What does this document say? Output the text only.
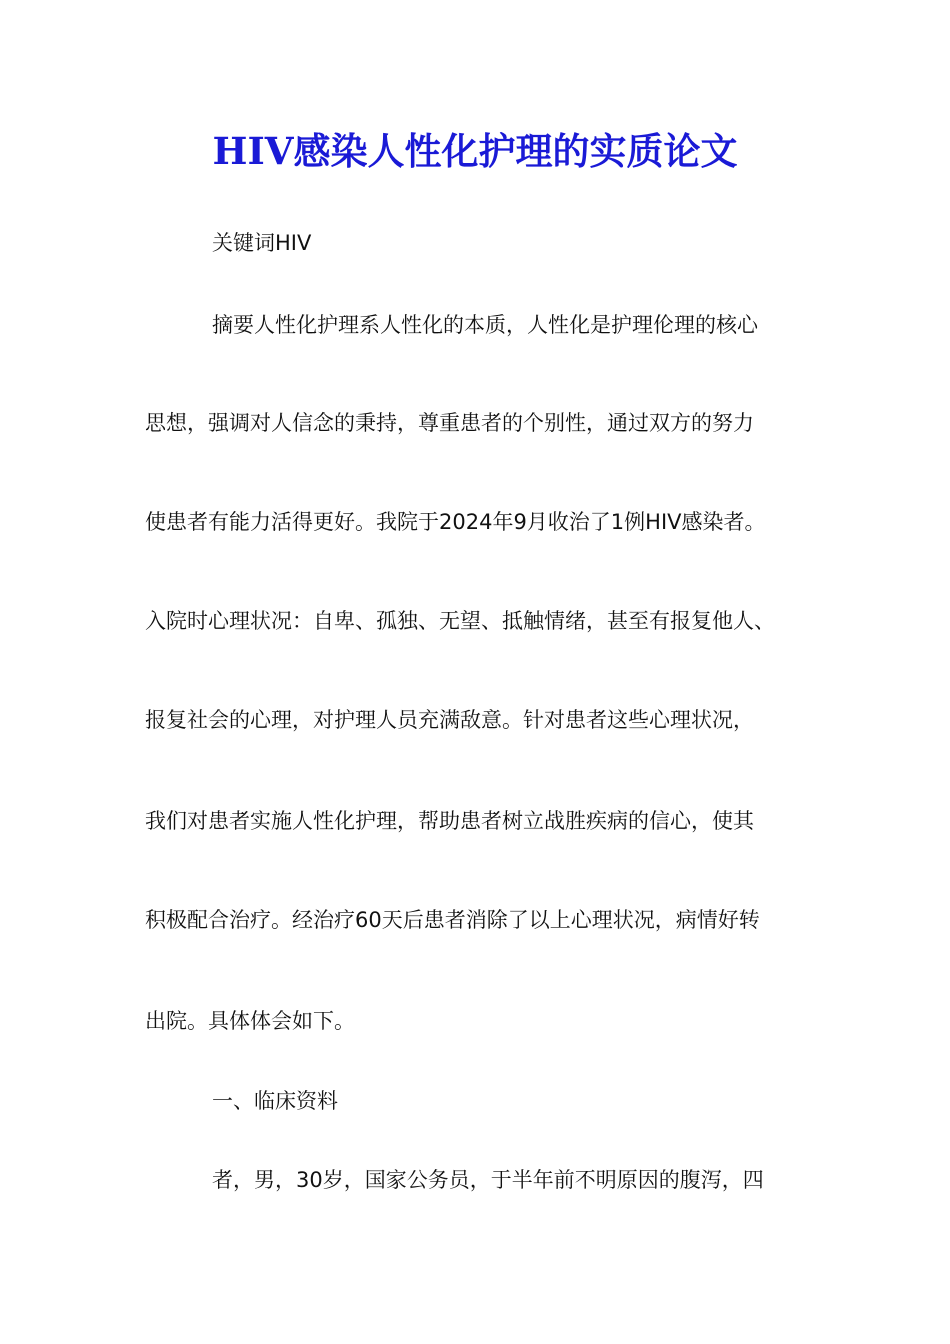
HIV感染人性化护理的实质论文
关键词HIV
摘要人性化护理系人性化的本质，人性化是护理伦理的核心
思想，强调对人信念的秉持，尊重患者的个别性，通过双方的努力
使患者有能力活得更好。我院于2024年9月收治了1例HIV感染者。
入院时心理状况：自卑、孤独、无望、抵触情绪，甚至有报复他人、
报复社会的心理，对护理人员充满敌意。针对患者这些心理状况，
我们对患者实施人性化护理，帮助患者树立战胜疾病的信心，使其
积极配合治疗。经治疗60天后患者消除了以上心理状况，病情好转
出院。具体体会如下。
一、临床资料
者，男，30岁，国家公务员，于半年前不明原因的腹泻，四
